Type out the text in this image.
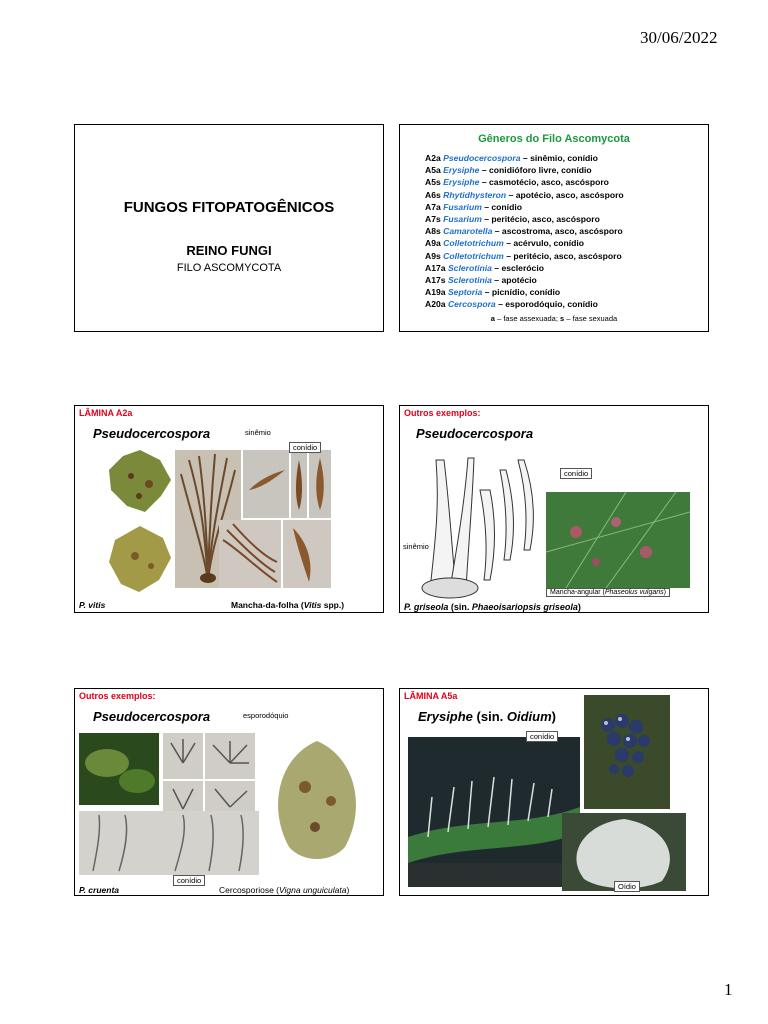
30/06/2022
FUNGOS FITOPATOGÊNICOS
REINO FUNGI
FILO ASCOMYCOTA
Gêneros do Filo Ascomycota
A2a Pseudocercospora – sinêmio, conídio
A5a Erysiphe – conidióforo livre, conídio
A5s Erysiphe – casmotécio, asco, ascósporo
A6s Rhytidhysteron – apotécio, asco, ascósporo
A7a Fusarium – conídio
A7s Fusarium – peritécio, asco, ascósporo
A8s Camarotella – ascostroma, asco, ascósporo
A9a Colletotrichum – acérvulo, conídio
A9s Colletotrichum – peritécio, asco, ascósporo
A17a Sclerotinia – esclerócio
A17s Sclerotinia – apotécio
A19a Septoria – picnídio, conídio
A20a Cercospora – esporodóquio, conídio
a – fase assexuada; s – fase sexuada
LÂMINA A2a
Pseudocercospora	sinêmio
conídio
P. vitis	Mancha-da-folha (Vitis spp.)
Outros exemplos:
Pseudocercospora
conídio
sinêmio
Mancha-angular (Phaseolus vulgaris)
P. griseola (sin. Phaeoisariopsis griseola)
Outros exemplos:
Pseudocercospora	esporodóquio
conídio
P. cruenta	Cercosporiose (Vigna unguiculata)
LÂMINA A5a
Erysiphe (sin. Oidium)
conídio
Oídio
1
